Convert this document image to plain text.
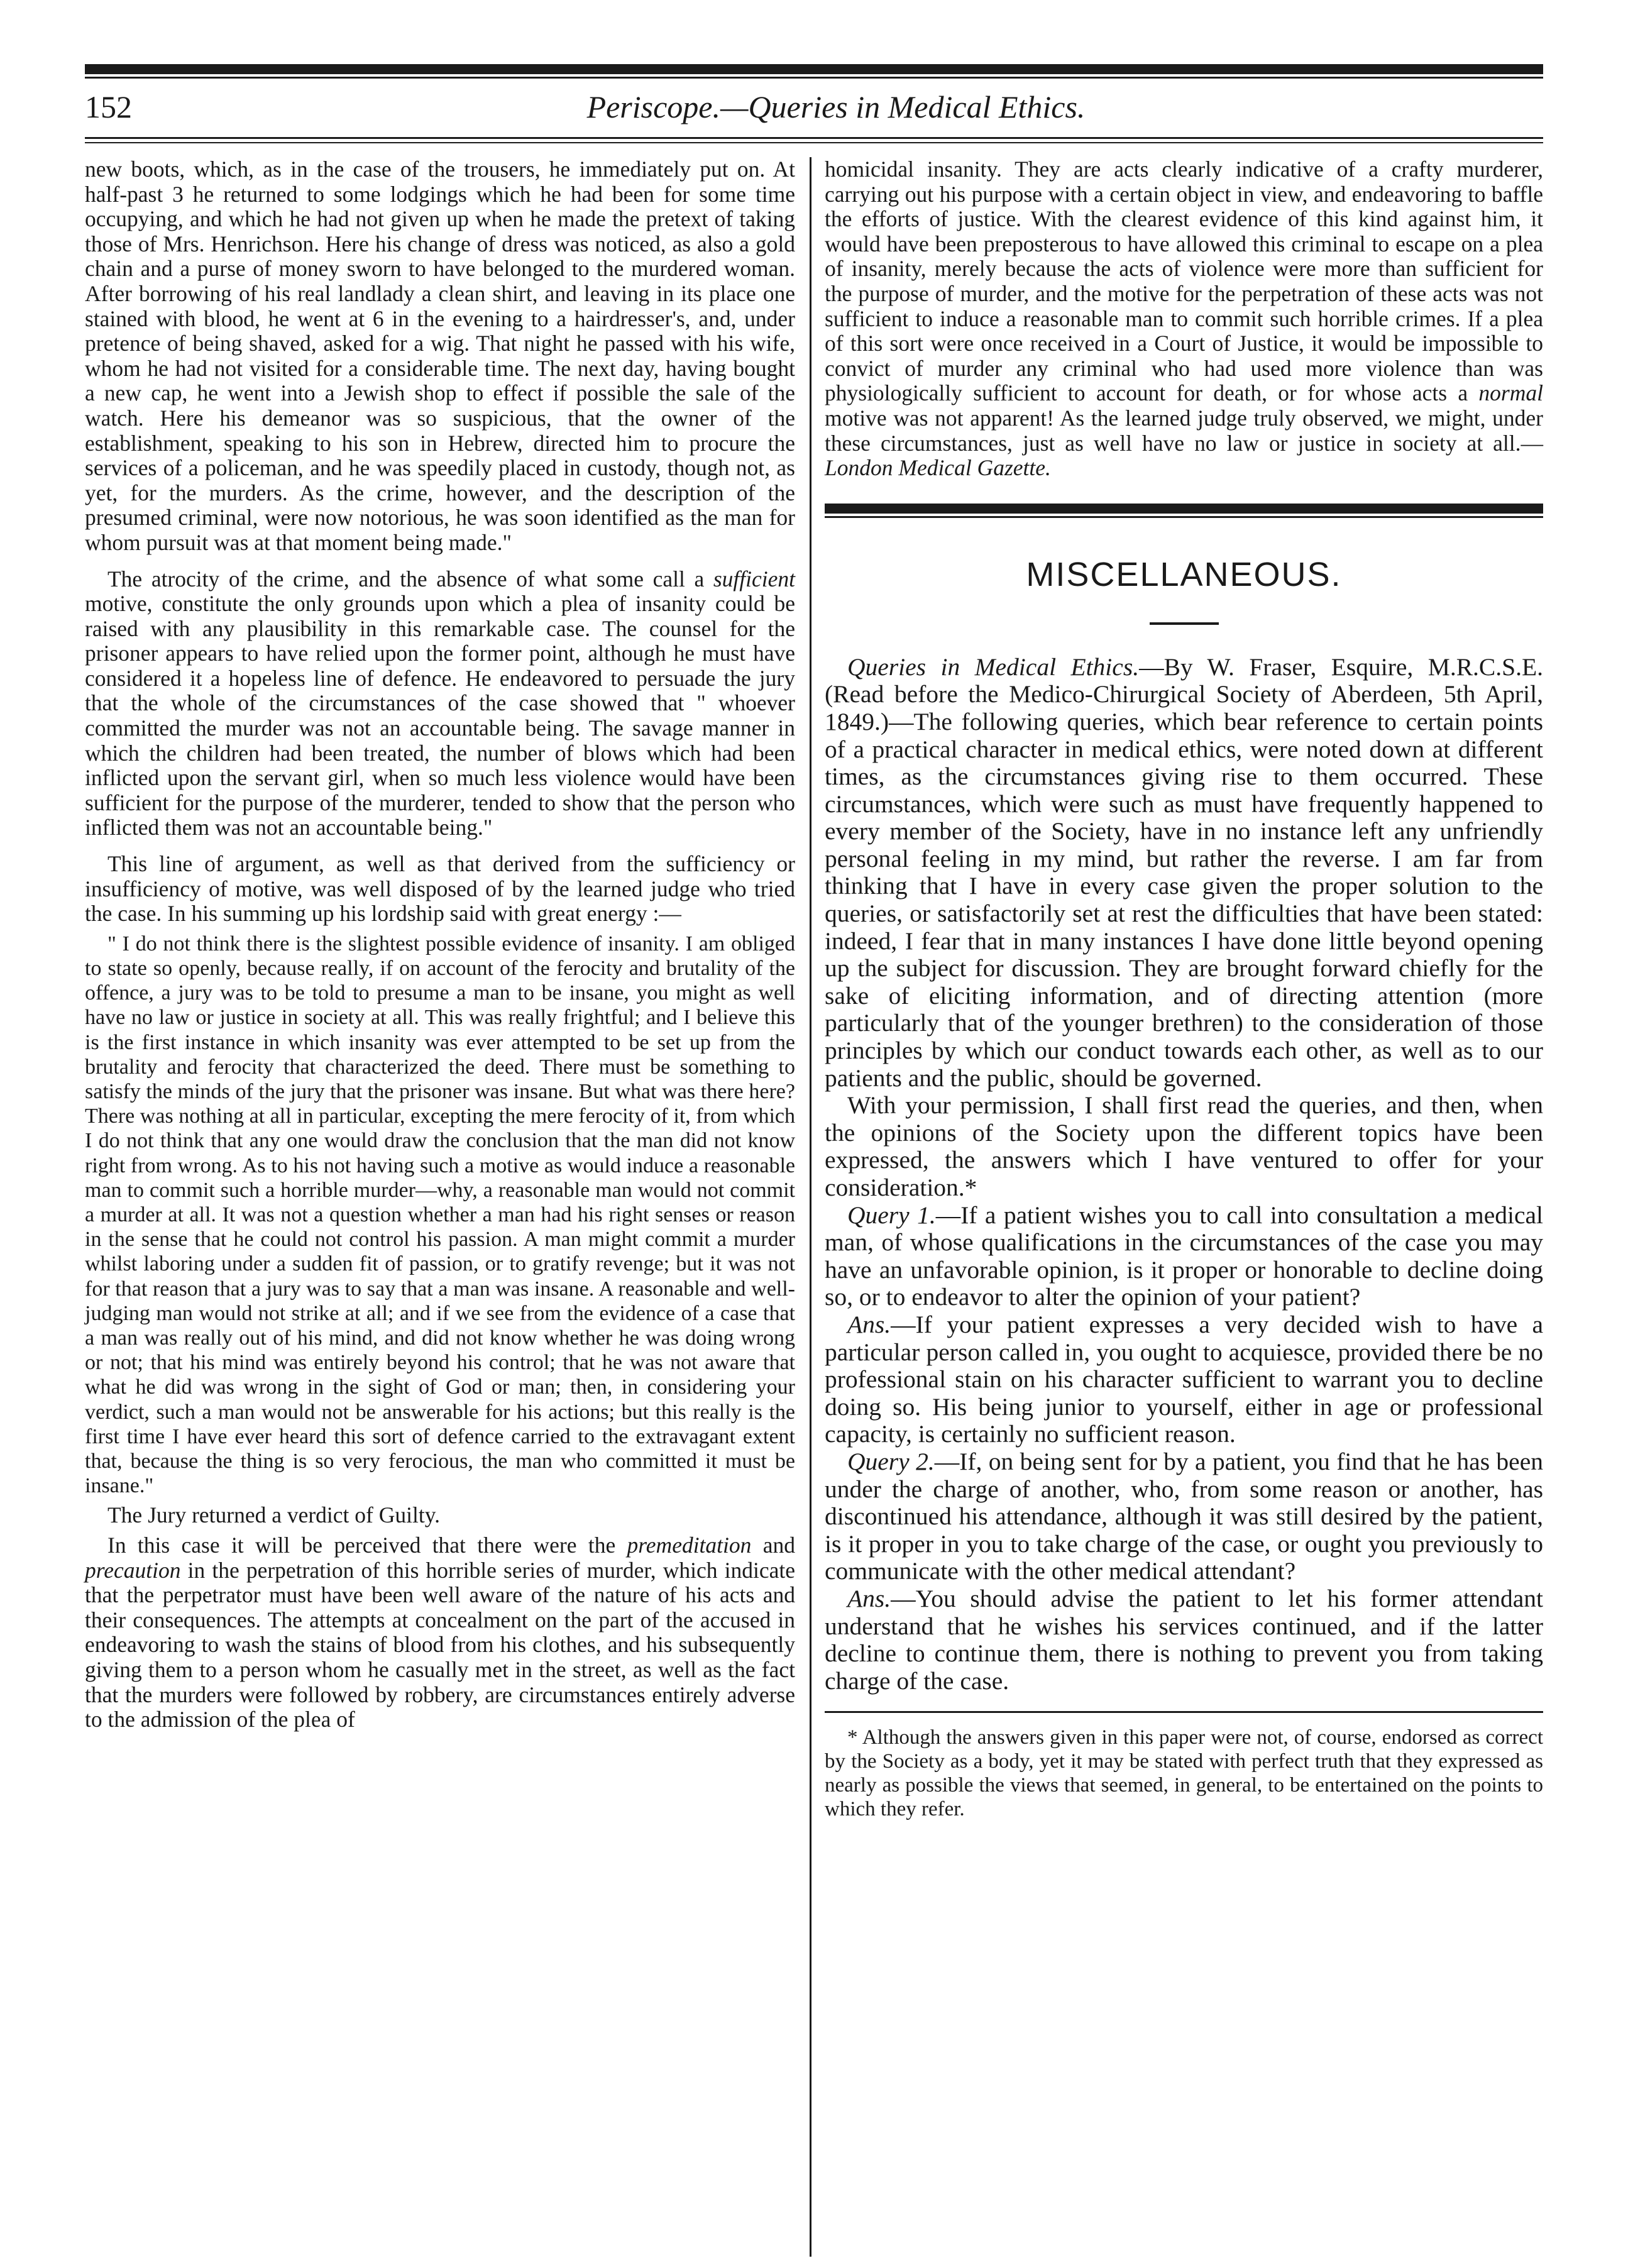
152	Periscope.—Queries in Medical Ethics.

new boots, which, as in the case of the trousers, he immediately put on. At half-past 3 he returned to some lodgings which he had been for some time occupying, and which he had not given up when he made the pretext of taking those of Mrs. Henrichson. Here his change of dress was noticed, as also a gold chain and a purse of money sworn to have belonged to the murdered woman. After borrowing of his real landlady a clean shirt, and leaving in its place one stained with blood, he went at 6 in the evening to a hairdresser's, and, under pretence of being shaved, asked for a wig. That night he passed with his wife, whom he had not visited for a considerable time. The next day, having bought a new cap, he went into a Jewish shop to effect if possible the sale of the watch. Here his demeanor was so suspicious, that the owner of the establishment, speaking to his son in Hebrew, directed him to procure the services of a policeman, and he was speedily placed in custody, though not, as yet, for the murders. As the crime, however, and the description of the presumed criminal, were now notorious, he was soon identified as the man for whom pursuit was at that moment being made."

The atrocity of the crime, and the absence of what some call a sufficient motive, constitute the only grounds upon which a plea of insanity could be raised with any plausibility in this remarkable case. The counsel for the prisoner appears to have relied upon the former point, although he must have considered it a hopeless line of defence. He endeavored to persuade the jury that the whole of the circumstances of the case showed that " whoever committed the murder was not an accountable being. The savage manner in which the children had been treated, the number of blows which had been inflicted upon the servant girl, when so much less violence would have been sufficient for the purpose of the murderer, tended to show that the person who inflicted them was not an accountable being."

This line of argument, as well as that derived from the sufficiency or insufficiency of motive, was well disposed of by the learned judge who tried the case. In his summing up his lordship said with great energy :—

" I do not think there is the slightest possible evidence of insanity. I am obliged to state so openly, because really, if on account of the ferocity and brutality of the offence, a jury was to be told to presume a man to be insane, you might as well have no law or justice in society at all. This was really frightful; and I believe this is the first instance in which insanity was ever attempted to be set up from the brutality and ferocity that characterized the deed. There must be something to satisfy the minds of the jury that the prisoner was insane. But what was there here? There was nothing at all in particular, excepting the mere ferocity of it, from which I do not think that any one would draw the conclusion that the man did not know right from wrong. As to his not having such a motive as would induce a reasonable man to commit such a horrible murder—why, a reasonable man would not commit a murder at all. It was not a question whether a man had his right senses or reason in the sense that he could not control his passion. A man might commit a murder whilst laboring under a sudden fit of passion, or to gratify revenge; but it was not for that reason that a jury was to say that a man was insane. A reasonable and well-judging man would not strike at all; and if we see from the evidence of a case that a man was really out of his mind, and did not know whether he was doing wrong or not; that his mind was entirely beyond his control; that he was not aware that what he did was wrong in the sight of God or man; then, in considering your verdict, such a man would not be answerable for his actions; but this really is the first time I have ever heard this sort of defence carried to the extravagant extent that, because the thing is so very ferocious, the man who committed it must be insane."

The Jury returned a verdict of Guilty.

In this case it will be perceived that there were the premeditation and precaution in the perpetration of this horrible series of murder, which indicate that the perpetrator must have been well aware of the nature of his acts and their consequences. The attempts at concealment on the part of the accused in endeavoring to wash the stains of blood from his clothes, and his subsequently giving them to a person whom he casually met in the street, as well as the fact that the murders were followed by robbery, are circumstances entirely adverse to the admission of the plea of

homicidal insanity. They are acts clearly indicative of a crafty murderer, carrying out his purpose with a certain object in view, and endeavoring to baffle the efforts of justice. With the clearest evidence of this kind against him, it would have been preposterous to have allowed this criminal to escape on a plea of insanity, merely because the acts of violence were more than sufficient for the purpose of murder, and the motive for the perpetration of these acts was not sufficient to induce a reasonable man to commit such horrible crimes. If a plea of this sort were once received in a Court of Justice, it would be impossible to convict of murder any criminal who had used more violence than was physiologically sufficient to account for death, or for whose acts a normal motive was not apparent! As the learned judge truly observed, we might, under these circumstances, just as well have no law or justice in society at all.—London Medical Gazette.

MISCELLANEOUS.

Queries in Medical Ethics.—By W. Fraser, Esquire, M.R.C.S.E. (Read before the Medico-Chirurgical Society of Aberdeen, 5th April, 1849.)—The following queries, which bear reference to certain points of a practical character in medical ethics, were noted down at different times, as the circumstances giving rise to them occurred. These circumstances, which were such as must have frequently happened to every member of the Society, have in no instance left any unfriendly personal feeling in my mind, but rather the reverse. I am far from thinking that I have in every case given the proper solution to the queries, or satisfactorily set at rest the difficulties that have been stated: indeed, I fear that in many instances I have done little beyond opening up the subject for discussion. They are brought forward chiefly for the sake of eliciting information, and of directing attention (more particularly that of the younger brethren) to the consideration of those principles by which our conduct towards each other, as well as to our patients and the public, should be governed.

With your permission, I shall first read the queries, and then, when the opinions of the Society upon the different topics have been expressed, the answers which I have ventured to offer for your consideration.*

Query 1.—If a patient wishes you to call into consultation a medical man, of whose qualifications in the circumstances of the case you may have an unfavorable opinion, is it proper or honorable to decline doing so, or to endeavor to alter the opinion of your patient?

Ans.—If your patient expresses a very decided wish to have a particular person called in, you ought to acquiesce, provided there be no professional stain on his character sufficient to warrant you to decline doing so. His being junior to yourself, either in age or professional capacity, is certainly no sufficient reason.

Query 2.—If, on being sent for by a patient, you find that he has been under the charge of another, who, from some reason or another, has discontinued his attendance, although it was still desired by the patient, is it proper in you to take charge of the case, or ought you previously to communicate with the other medical attendant?

Ans.—You should advise the patient to let his former attendant understand that he wishes his services continued, and if the latter decline to continue them, there is nothing to prevent you from taking charge of the case.

* Although the answers given in this paper were not, of course, endorsed as correct by the Society as a body, yet it may be stated with perfect truth that they expressed as nearly as possible the views that seemed, in general, to be entertained on the points to which they refer.
